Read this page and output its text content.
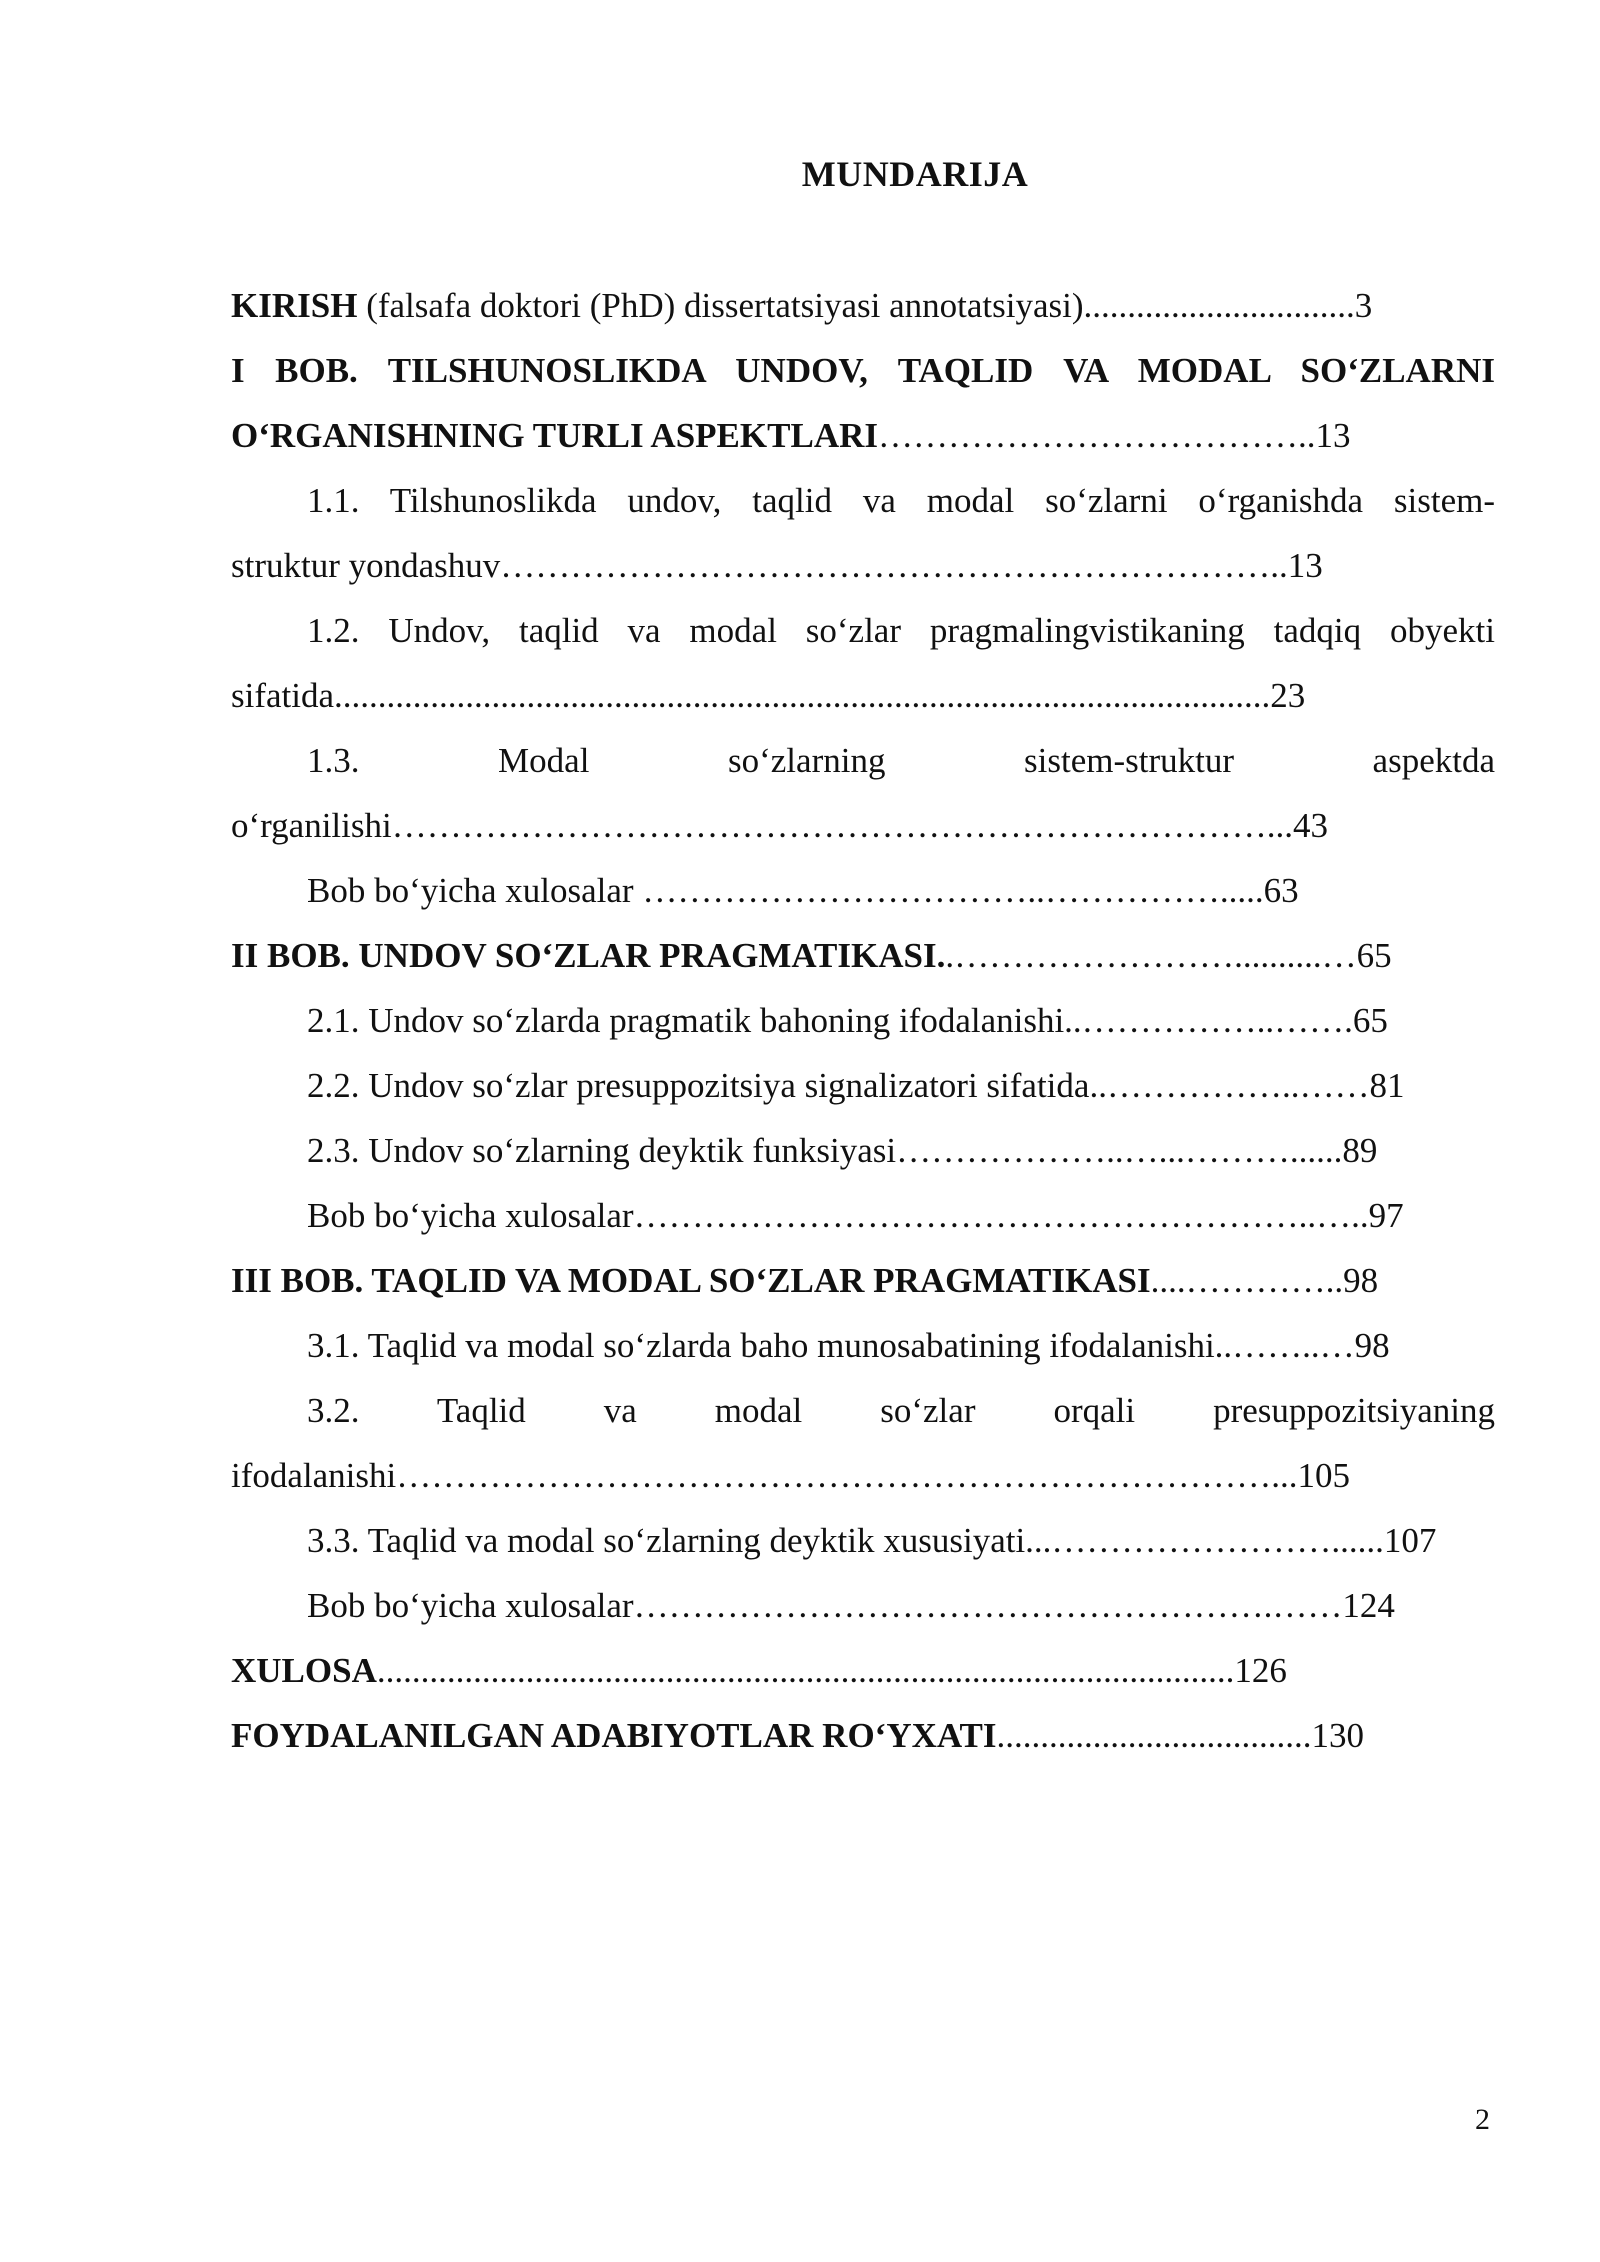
MUNDARIJA
KIRISH (falsafa doktori (PhD) dissertatsiyasi annotatsiyasi)...............................3
I BOB. TILSHUNOSLIKDA UNDOV, TAQLID VA MODAL SO‘ZLARNI
O‘RGANISHNING TURLI ASPEKTLARI………………………………..13
1.1. Tilshunoslikda undov, taqlid va modal so‘zlarni o‘rganishda sistem-
struktur yondashuv…………………………………………………………..13
1.2. Undov, taqlid va modal so‘zlar pragmalingvistikaning tadqiq obyekti
sifatida...........................................................................................................23
1.3. Modal so‘zlarning sistem-struktur aspektda
o‘rganilishi…………………………………………………………………...43
Bob bo‘yicha xulosalar ……………………………..…………….....63
II BOB. UNDOV SO‘ZLAR PRAGMATIKASI..……………………..........…65
2.1. Undov so‘zlarda pragmatik bahoning ifodalanishi..……………..…….65
2.2. Undov so‘zlar presuppozitsiya signalizatori sifatida..……………..……81
2.3. Undov so‘zlarning deyktik funksiyasi………………..…...………......89
Bob bo‘yicha xulosalar…………………………………………………..…..97
III BOB. TAQLID VA MODAL SO‘ZLAR PRAGMATIKASI....…………..98
3.1. Taqlid va modal so‘zlarda baho munosabatining ifodalanishi..……..…98
3.2. Taqlid va modal so‘zlar orqali presuppozitsiyaning
ifodalanishi…………………………………………………………………...105
3.3. Taqlid va modal so‘zlarning deyktik xususiyati...……………………......107
Bob bo‘yicha xulosalar……………………………………………….……124
XULOSA..................................................................................................126
FOYDALANILGAN ADABIYOTLAR RO‘YXATI....................................130
2
